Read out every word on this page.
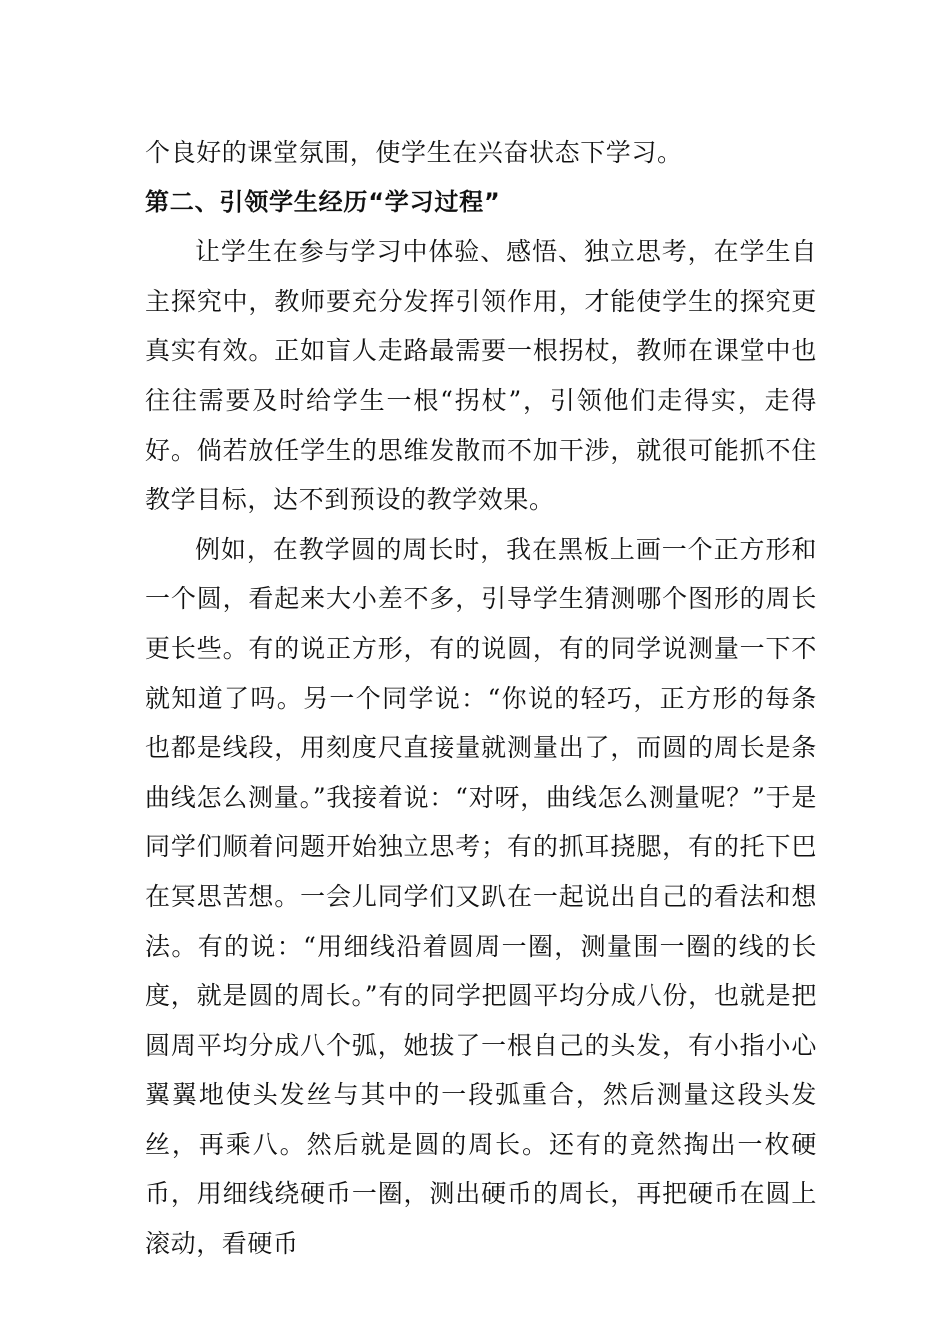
个良好的课堂氛围，使学生在兴奋状态下学习。

第二、引领学生经历“学习过程”

让学生在参与学习中体验、感悟、独立思考，在学生自主探究中，教师要充分发挥引领作用，才能使学生的探究更真实有效。正如盲人走路最需要一根拐杖，教师在课堂中也往往需要及时给学生一根“拐杖”，引领他们走得实，走得好。倘若放任学生的思维发散而不加干涉，就很可能抓不住教学目标，达不到预设的教学效果。

例如，在教学圆的周长时，我在黑板上画一个正方形和一个圆，看起来大小差不多，引导学生猜测哪个图形的周长更长些。有的说正方形，有的说圆，有的同学说测量一下不就知道了吗。另一个同学说：“你说的轻巧，正方形的每条也都是线段，用刻度尺直接量就测量出了，而圆的周长是条曲线怎么测量。”我接着说：“对呀，曲线怎么测量呢？”于是同学们顺着问题开始独立思考；有的抓耳挠腮，有的托下巴在冥思苦想。一会儿同学们又趴在一起说出自己的看法和想法。有的说：“用细线沿着圆周一圈，测量围一圈的线的长度，就是圆的周长。”有的同学把圆平均分成八份，也就是把圆周平均分成八个弧，她拔了一根自己的头发，有小指小心翼翼地使头发丝与其中的一段弧重合，然后测量这段头发丝，再乘八。然后就是圆的周长。还有的竟然掏出一枚硬币，用细线绕硬币一圈，测出硬币的周长，再把硬币在圆上滚动，看硬币
